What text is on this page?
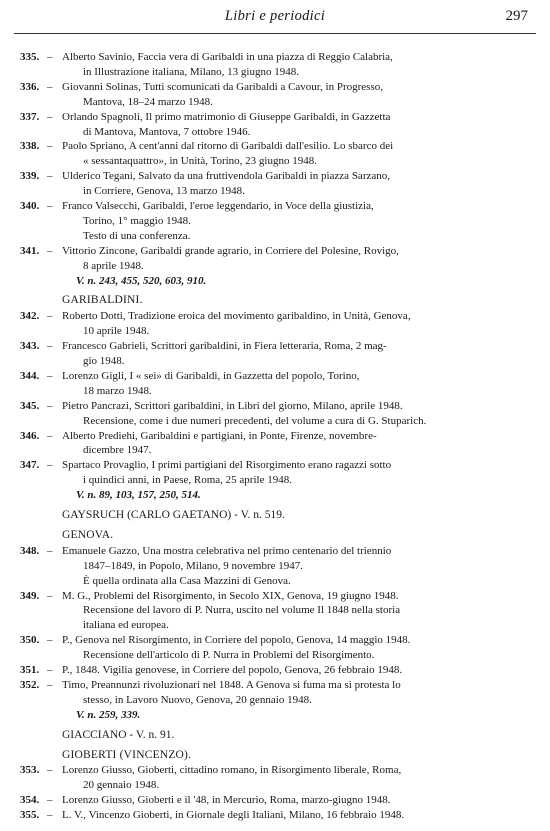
Libri e periodici	297
335. – Alberto Savinio, Faccia vera di Garibaldi in una piazza di Reggio Calabria,
in Illustrazione italiana, Milano, 13 giugno 1948.
336. – Giovanni Solinas, Tutti scomunicati da Garibaldi a Cavour, in Progresso,
Mantova, 18–24 marzo 1948.
337. – Orlando Spagnoli, Il primo matrimonio di Giuseppe Garibaldi, in Gazzetta
di Mantova, Mantova, 7 ottobre 1946.
338. – Paolo Spriano, A cent'anni dal ritorno di Garibaldi dall'esilio. Lo sbarco dei
« sessantaquattro», in Unità, Torino, 23 giugno 1948.
339. – Ulderico Tegani, Salvato da una fruttivendola Garibaldi in piazza Sarzano,
in Corriere, Genova, 13 marzo 1948.
340. – Franco Valsecchi, Garibaldi, l'eroe leggendario, in Voce della giustizia,
Torino, 1° maggio 1948.
Testo di una conferenza.
341. – Vittorio Zincone, Garibaldi grande agrario, in Corriere del Polesine, Rovigo,
8 aprile 1948.
V. n. 243, 455, 520, 603, 910.
GARIBALDINI.
342. – Roberto Dotti, Tradizione eroica del movimento garibaldino, in Unità, Genova,
10 aprile 1948.
343. – Francesco Gabrieli, Scrittori garibaldini, in Fiera letteraria, Roma, 2 mag-
gio 1948.
344. – Lorenzo Gigli, I « sei» di Garibaldi, in Gazzetta del popolo, Torino,
18 marzo 1948.
345. – Pietro Pancrazi, Scrittori garibaldini, in Libri del giorno, Milano, aprile 1948.
Recensione, come i due numeri precedenti, del volume a cura di G. Stuparich.
346. – Alberto Prediehi, Garibaldini e partigiani, in Ponte, Firenze, novembre-
dicembre 1947.
347. – Spartaco Provaglio, I primi partigiani del Risorgimento erano ragazzi sotto
i quindici anni, in Paese, Roma, 25 aprile 1948.
V. n. 89, 103, 157, 250, 514.
GAYSRUCH (CARLO GAETANO) - V. n. 519.
GENOVA.
348. – Emanuele Gazzo, Una mostra celebrativa nel primo centenario del triennio
1847–1849, in Popolo, Milano, 9 novembre 1947.
È quella ordinata alla Casa Mazzini di Genova.
349. – M. G., Problemi del Risorgimento, in Secolo XIX, Genova, 19 giugno 1948.
Recensione del lavoro di P. Nurra, uscito nel volume Il 1848 nella storia
italiana ed europea.
350. – P., Genova nel Risorgimento, in Corriere del popolo, Genova, 14 maggio 1948.
Recensione dell'articolo di P. Nurra in Problemi del Risorgimento.
351. – P., 1848. Vigilia genovese, in Corriere del popolo, Genova, 26 febbraio 1948.
352. – Timo, Preannunzi rivoluzionari nel 1848. A Genova si fuma ma si protesta lo
stesso, in Lavoro Nuovo, Genova, 20 gennaio 1948.
V. n. 259, 339.
GIACCIANO - V. n. 91.
GIOBERTI (VINCENZO).
353. – Lorenzo Giusso, Gioberti, cittadino romano, in Risorgimento liberale, Roma,
20 gennaio 1948.
354. – Lorenzo Giusso, Gioberti e il '48, in Mercurio, Roma, marzo-giugno 1948.
355. – L. V., Vincenzo Gioberti, in Giornale degli Italiani, Milano, 16 febbraio 1948.
